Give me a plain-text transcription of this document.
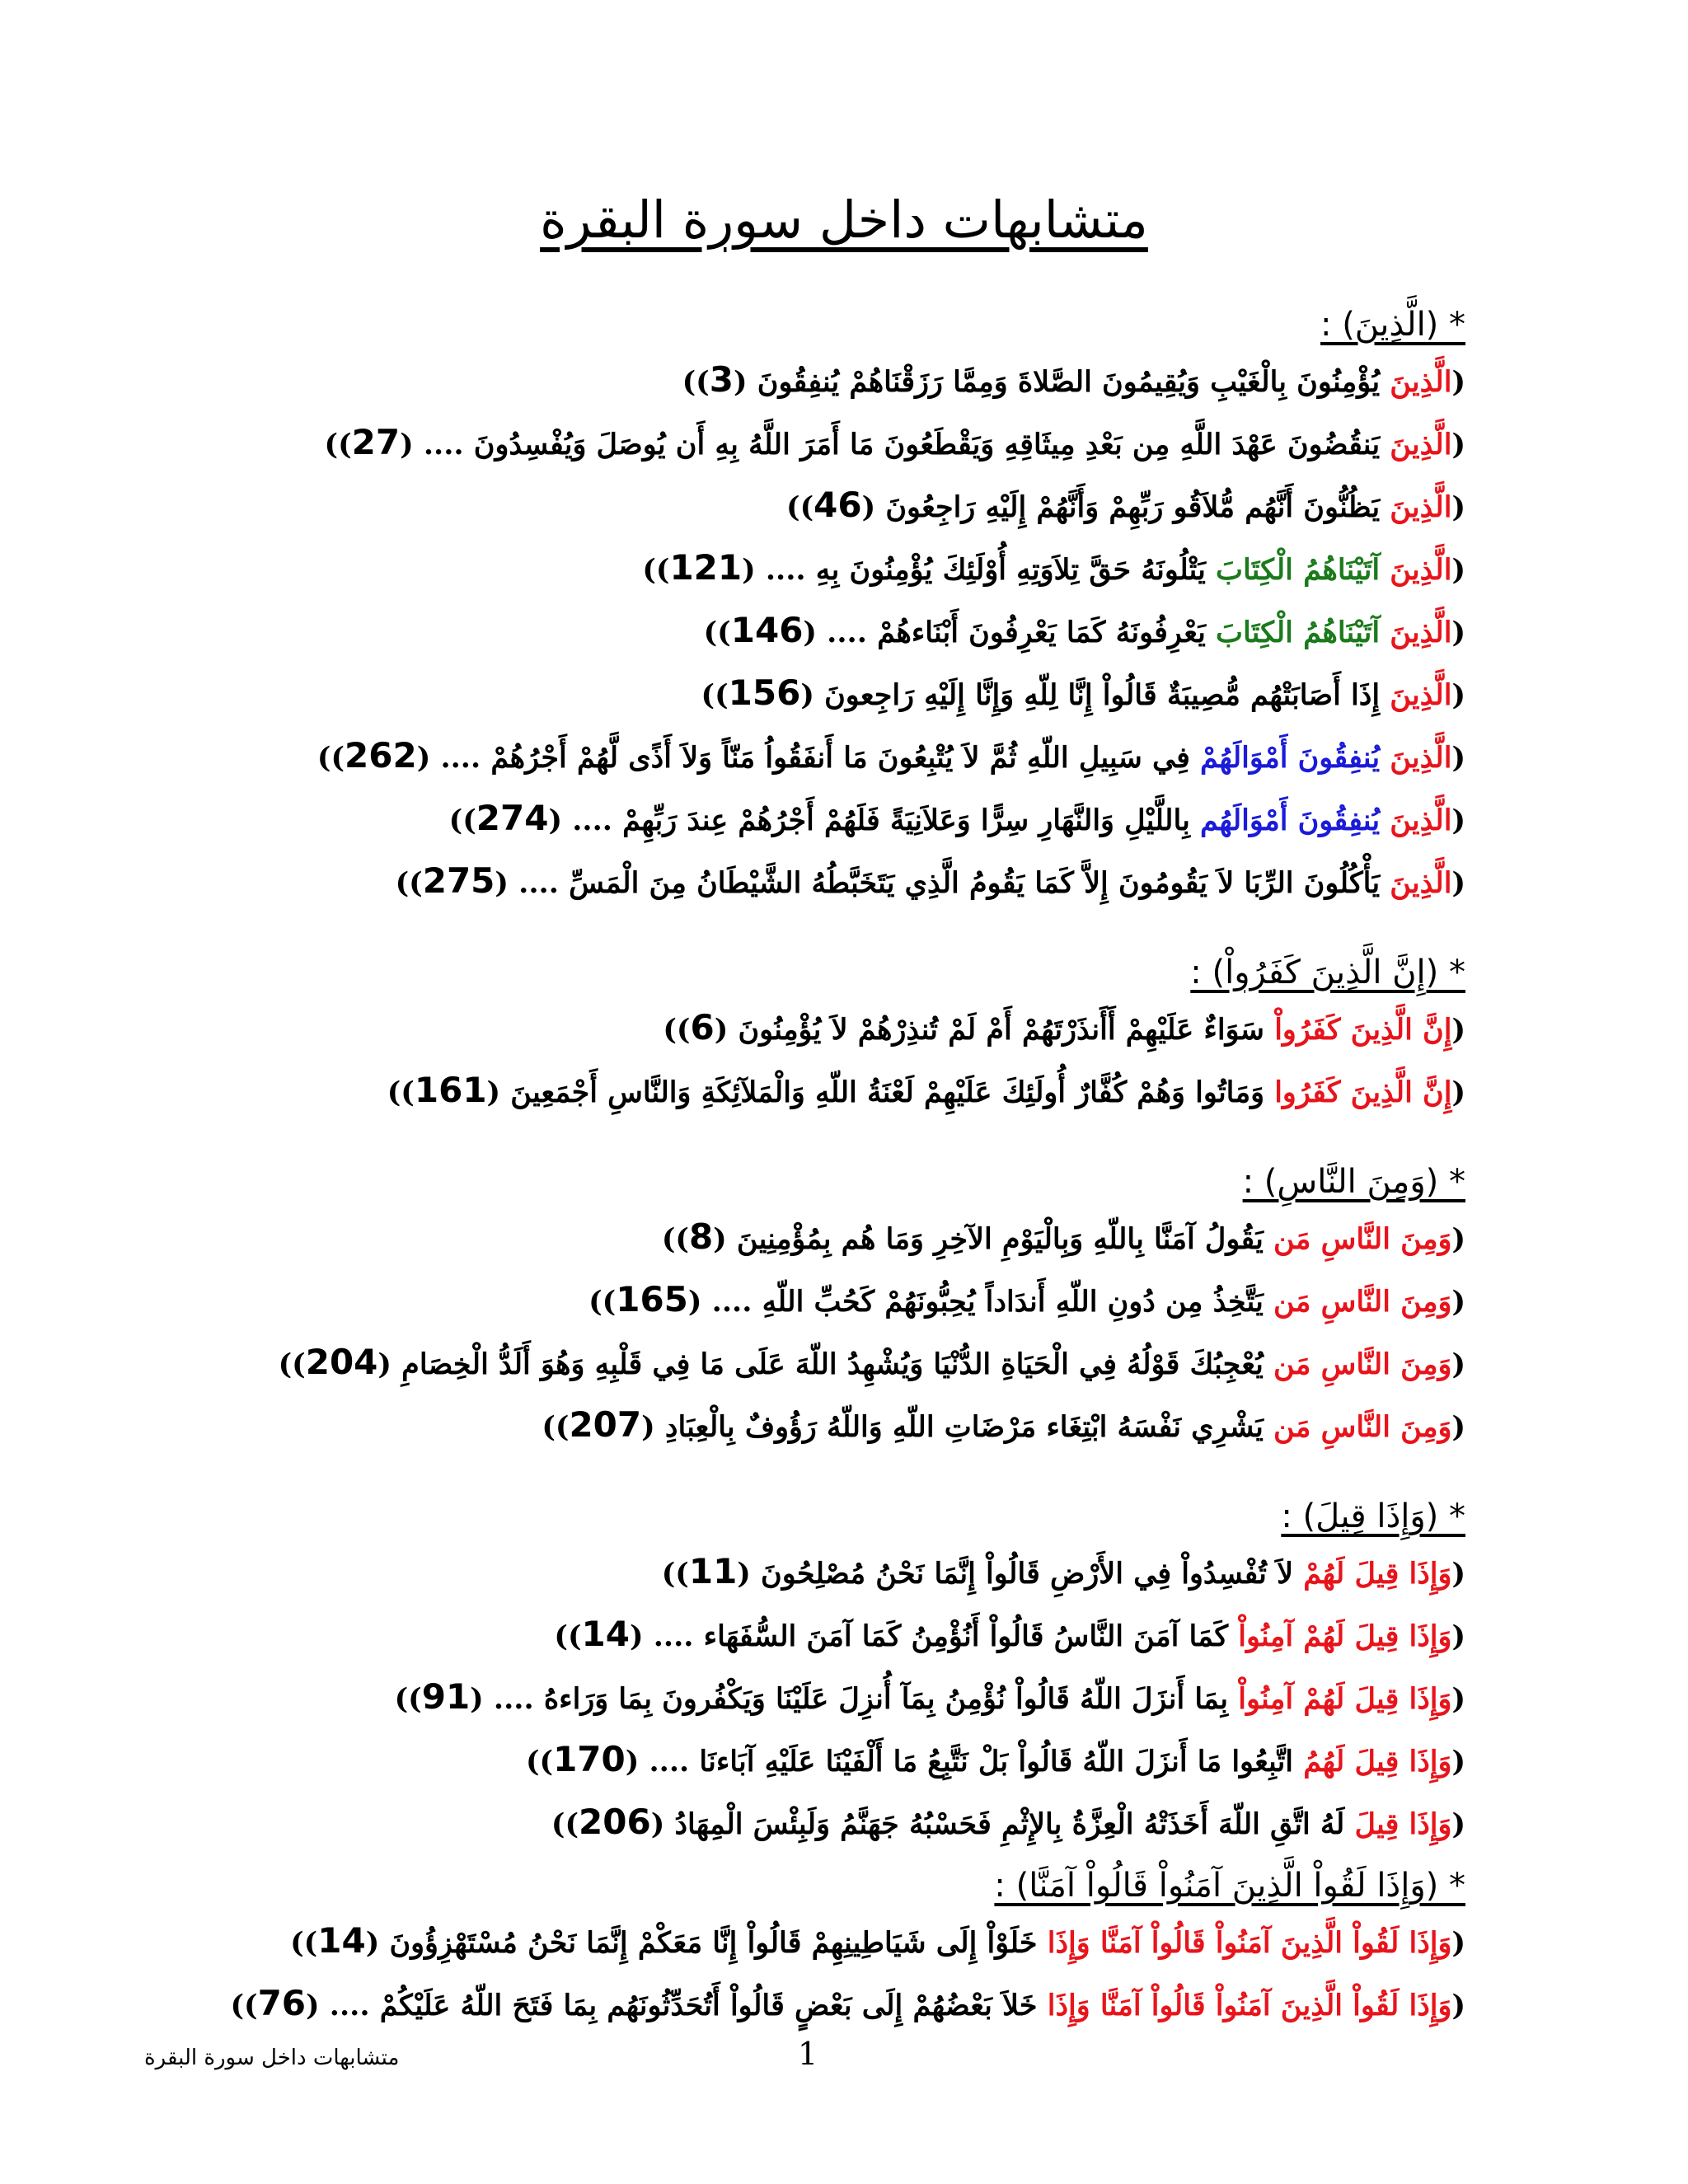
متشابهات داخل سورة البقرة
* (الَّذِينَ) :
(الَّذِينَ يُؤْمِنُونَ بِالْغَيْبِ وَيُقِيمُونَ الصَّلاةَ وَمِمَّا رَزَقْنَاهُمْ يُنفِقُونَ (3))
(الَّذِينَ يَنقُضُونَ عَهْدَ اللَّهِ مِن بَعْدِ مِيثَاقِهِ وَيَقْطَعُونَ مَا أَمَرَ اللَّهُ بِهِ أَن يُوصَلَ وَيُفْسِدُونَ .... (27))
(الَّذِينَ يَظُنُّونَ أَنَّهُم مُّلاَقُو رَبِّهِمْ وَأَنَّهُمْ إِلَيْهِ رَاجِعُونَ (46))
(الَّذِينَ آتَيْنَاهُمُ الْكِتَابَ يَتْلُونَهُ حَقَّ تِلاَوَتِهِ أُوْلَئِكَ يُؤْمِنُونَ بِهِ .... (121))
(الَّذِينَ آتَيْنَاهُمُ الْكِتَابَ يَعْرِفُونَهُ كَمَا يَعْرِفُونَ أَبْنَاءهُمْ .... (146))
(الَّذِينَ إِذَا أَصَابَتْهُم مُّصِيبَةٌ قَالُواْ إِنَّا لِلّهِ وَإِنَّا إِلَيْهِ رَاجِعونَ (156))
(الَّذِينَ يُنفِقُونَ أَمْوَالَهُمْ فِي سَبِيلِ اللّهِ ثُمَّ لاَ يُتْبِعُونَ مَا أَنفَقُواُ مَنّاً وَلاَ أَذًى لَّهُمْ أَجْرُهُمْ .... (262))
(الَّذِينَ يُنفِقُونَ أَمْوَالَهُم بِاللَّيْلِ وَالنَّهَارِ سِرًّا وَعَلاَنِيَةً فَلَهُمْ أَجْرُهُمْ عِندَ رَبِّهِمْ .... (274))
(الَّذِينَ يَأْكُلُونَ الرِّبَا لاَ يَقُومُونَ إِلاَّ كَمَا يَقُومُ الَّذِي يَتَخَبَّطُهُ الشَّيْطَانُ مِنَ الْمَسِّ .... (275))
* (إِنَّ الَّذِينَ كَفَرُواْ) :
(إِنَّ الَّذِينَ كَفَرُواْ سَوَاءٌ عَلَيْهِمْ أَأَنذَرْتَهُمْ أَمْ لَمْ تُنذِرْهُمْ لاَ يُؤْمِنُونَ (6))
(إِنَّ الَّذِينَ كَفَرُوا وَمَاتُوا وَهُمْ كُفَّارٌ أُولَئِكَ عَلَيْهِمْ لَعْنَةُ اللّهِ وَالْمَلآئِكَةِ وَالنَّاسِ أَجْمَعِينَ (161))
* (وَمِنَ النَّاسِ) :
(وَمِنَ النَّاسِ مَن يَقُولُ آمَنَّا بِاللّهِ وَبِالْيَوْمِ الآخِرِ وَمَا هُم بِمُؤْمِنِينَ (8))
(وَمِنَ النَّاسِ مَن يَتَّخِذُ مِن دُونِ اللّهِ أَندَاداً يُحِبُّونَهُمْ كَحُبِّ اللّهِ .... (165))
(وَمِنَ النَّاسِ مَن يُعْجِبُكَ قَوْلُهُ فِي الْحَيَاةِ الدُّنْيَا وَيُشْهِدُ اللّهَ عَلَى مَا فِي قَلْبِهِ وَهُوَ أَلَدُّ الْخِصَامِ (204))
(وَمِنَ النَّاسِ مَن يَشْرِي نَفْسَهُ ابْتِغَاء مَرْضَاتِ اللّهِ وَاللّهُ رَؤُوفٌ بِالْعِبَادِ (207))
* (وَإِذَا قِيلَ) :
(وَإِذَا قِيلَ لَهُمْ لاَ تُفْسِدُواْ فِي الأَرْضِ قَالُواْ إِنَّمَا نَحْنُ مُصْلِحُونَ (11))
(وَإِذَا قِيلَ لَهُمْ آمِنُواْ كَمَا آمَنَ النَّاسُ قَالُواْ أَنُؤْمِنُ كَمَا آمَنَ السُّفَهَاء .... (14))
(وَإِذَا قِيلَ لَهُمْ آمِنُواْ بِمَا أَنزَلَ اللّهُ قَالُواْ نُؤْمِنُ بِمَآ أُنزِلَ عَلَيْنَا وَيَكْفُرونَ بِمَا وَرَاءهُ .... (91))
(وَإِذَا قِيلَ لَهُمُ اتَّبِعُوا مَا أَنزَلَ اللّهُ قَالُواْ بَلْ نَتَّبِعُ مَا أَلْفَيْنَا عَلَيْهِ آبَاءنَا .... (170))
(وَإِذَا قِيلَ لَهُ اتَّقِ اللّهَ أَخَذَتْهُ الْعِزَّةُ بِالإِثْمِ فَحَسْبُهُ جَهَنَّمُ وَلَبِئْسَ الْمِهَادُ (206))
* (وَإِذَا لَقُواْ الَّذِينَ آمَنُواْ قَالُواْ آمَنَّا) :
(وَإِذَا لَقُواْ الَّذِينَ آمَنُواْ قَالُواْ آمَنَّا وَإِذَا خَلَوْاْ إِلَى شَيَاطِينِهِمْ قَالُواْ إِنَّا مَعَكْمْ إِنَّمَا نَحْنُ مُسْتَهْزِؤُونَ (14))
(وَإِذَا لَقُواْ الَّذِينَ آمَنُواْ قَالُواْ آمَنَّا وَإِذَا خَلاَ بَعْضُهُمْ إِلَى بَعْضٍ قَالُواْ أَتُحَدِّثُونَهُم بِمَا فَتَحَ اللّهُ عَلَيْكُمْ .... (76))
متشابهات داخل سورة البقرة	1
